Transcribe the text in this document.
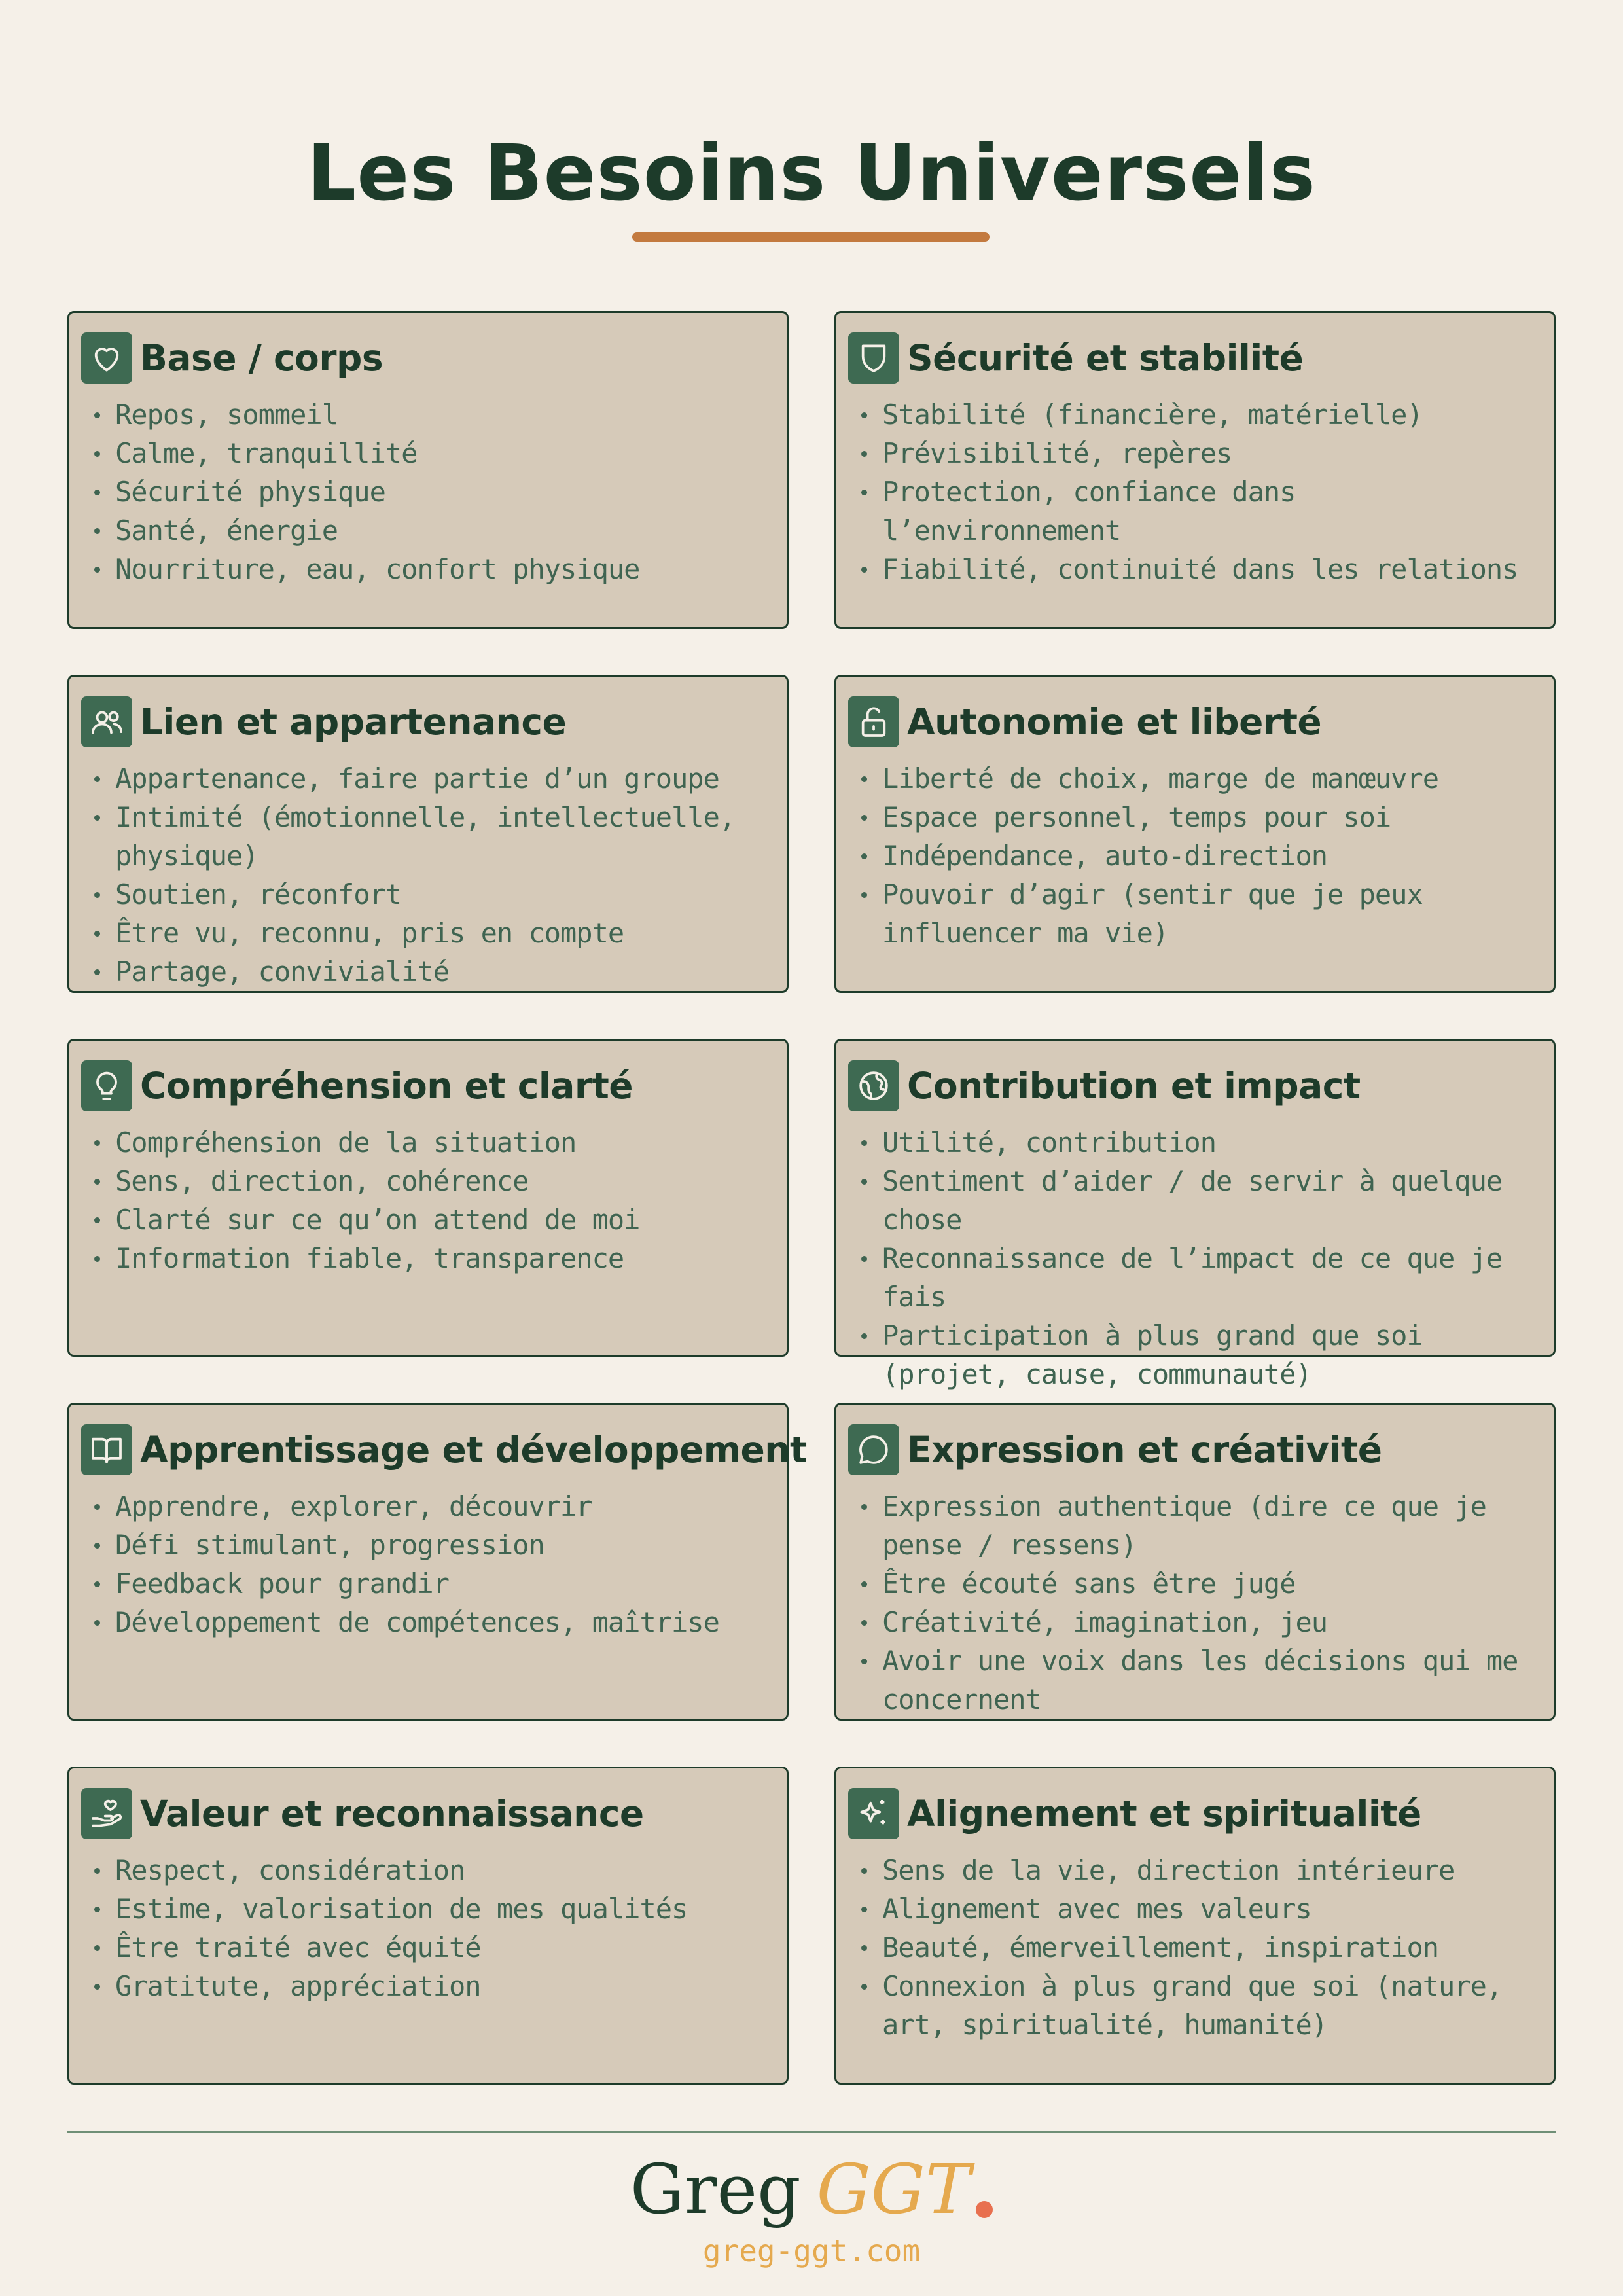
Les Besoins Universels
Base / corps
Repos, sommeil
Calme, tranquillité
Sécurité physique
Santé, énergie
Nourriture, eau, confort physique
Sécurité et stabilité
Stabilité (financière, matérielle)
Prévisibilité, repères
Protection, confiance dans l’environnement
Fiabilité, continuité dans les relations
Lien et appartenance
Appartenance, faire partie d’un groupe
Intimité (émotionnelle, intellectuelle, physique)
Soutien, réconfort
Être vu, reconnu, pris en compte
Partage, convivialité
Autonomie et liberté
Liberté de choix, marge de manœuvre
Espace personnel, temps pour soi
Indépendance, auto-direction
Pouvoir d’agir (sentir que je peux influencer ma vie)
Compréhension et clarté
Compréhension de la situation
Sens, direction, cohérence
Clarté sur ce qu’on attend de moi
Information fiable, transparence
Contribution et impact
Utilité, contribution
Sentiment d’aider / de servir à quelque chose
Reconnaissance de l’impact de ce que je fais
Participation à plus grand que soi (projet, cause, communauté)
Apprentissage et développement
Apprendre, explorer, découvrir
Défi stimulant, progression
Feedback pour grandir
Développement de compétences, maîtrise
Expression et créativité
Expression authentique (dire ce que je pense / ressens)
Être écouté sans être jugé
Créativité, imagination, jeu
Avoir une voix dans les décisions qui me concernent
Valeur et reconnaissance
Respect, considération
Estime, valorisation de mes qualités
Être traité avec équité
Gratitute, appréciation
Alignement et spiritualité
Sens de la vie, direction intérieure
Alignement avec mes valeurs
Beauté, émerveillement, inspiration
Connexion à plus grand que soi (nature, art, spiritualité, humanité)
Greg GGT
greg-ggt.com
